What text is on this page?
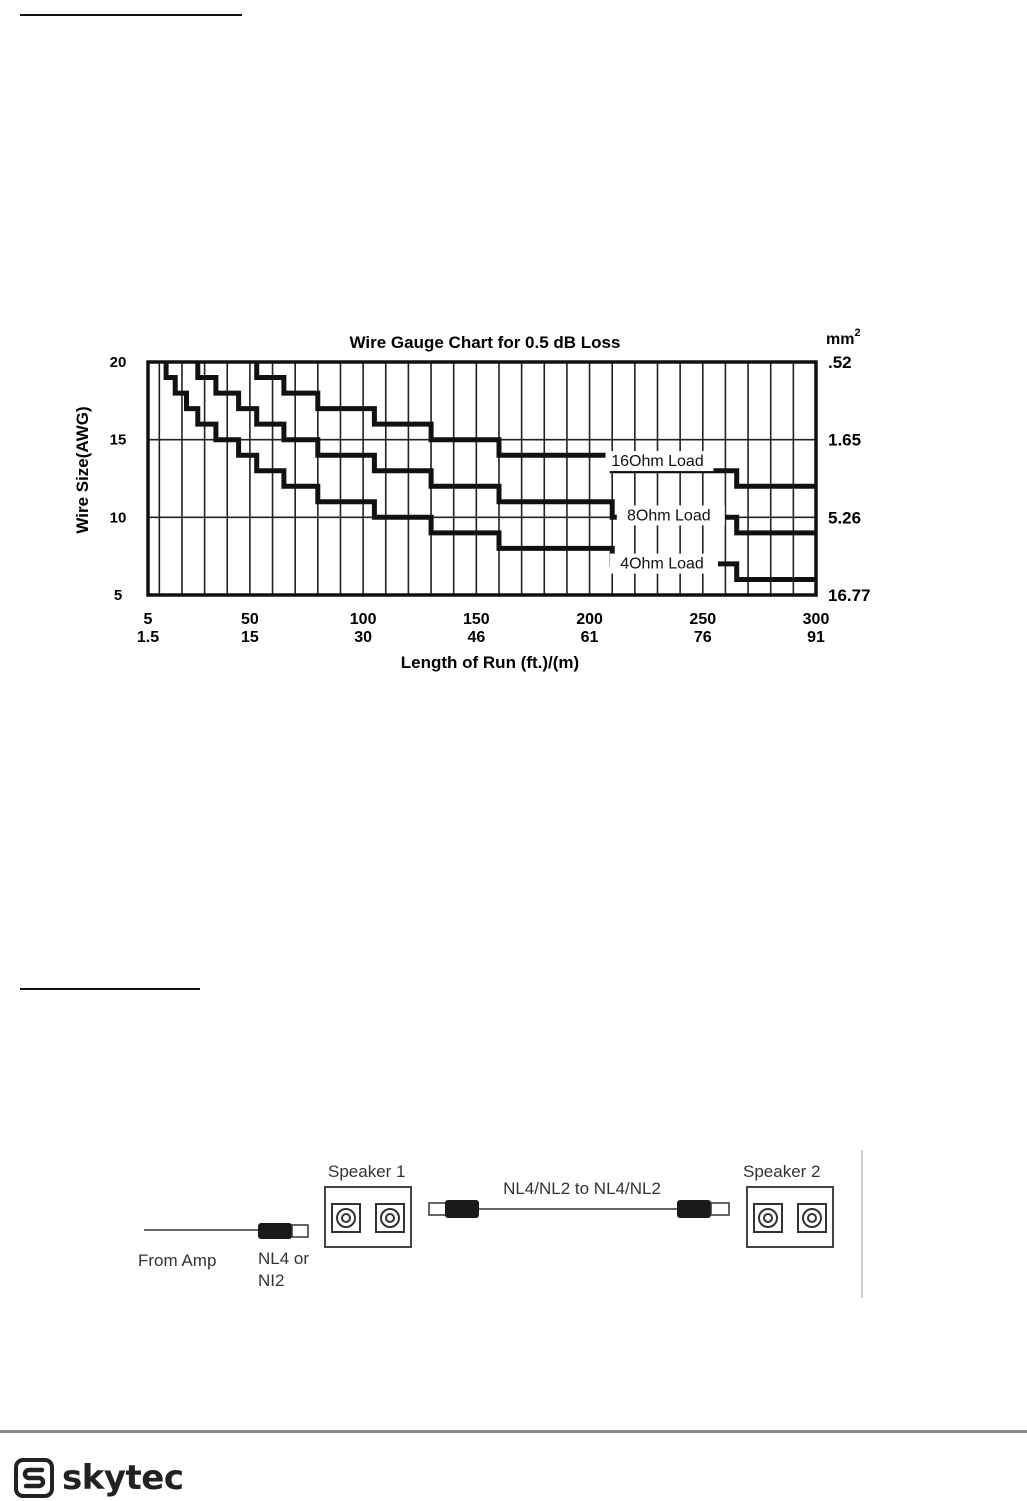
Wire Gauge Chart for 0.5 dB Loss
Wire Size(AWG)
Length of Run (ft.)/(m)
$mm^2$
20
15
10
5
.52
1.65
5.26
16.77
5
1.5
50
15
100
30
150
46
200
61
250
76
300
91
16Ohm Load
8Ohm Load
4Ohm Load
From Amp NL4 or
NI2
Speaker 1
NL4/NL2 to NL4/NL2
Speaker 2
skytec
